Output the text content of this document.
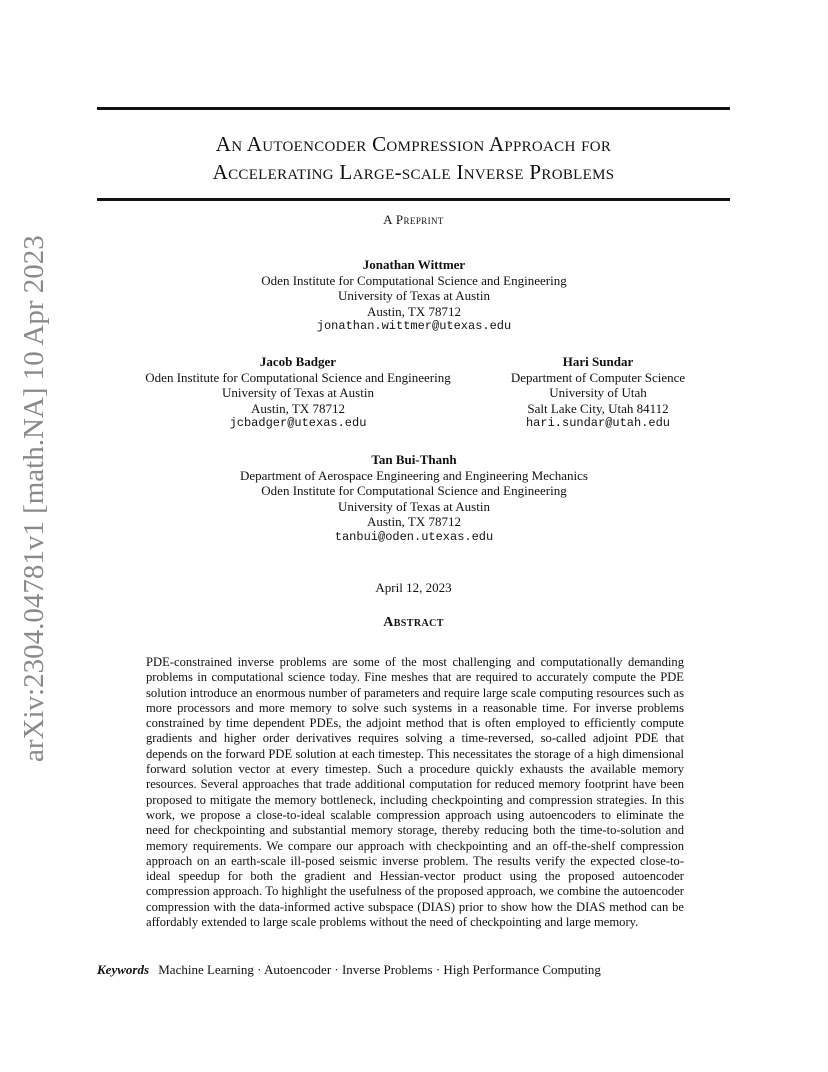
arXiv:2304.04781v1 [math.NA] 10 Apr 2023
An Autoencoder Compression Approach for
Accelerating Large-scale Inverse Problems
A Preprint
Jonathan Wittmer
Oden Institute for Computational Science and Engineering
University of Texas at Austin
Austin, TX 78712
jonathan.wittmer@utexas.edu
Jacob Badger
Oden Institute for Computational Science and Engineering
University of Texas at Austin
Austin, TX 78712
jcbadger@utexas.edu
Hari Sundar
Department of Computer Science
University of Utah
Salt Lake City, Utah 84112
hari.sundar@utah.edu
Tan Bui-Thanh
Department of Aerospace Engineering and Engineering Mechanics
Oden Institute for Computational Science and Engineering
University of Texas at Austin
Austin, TX 78712
tanbui@oden.utexas.edu
April 12, 2023
Abstract

PDE-constrained inverse problems are some of the most challenging and computationally demanding problems in computational science today. Fine meshes that are required to accurately compute the PDE solution introduce an enormous number of parameters and require large scale computing resources such as more processors and more memory to solve such systems in a reasonable time. For inverse problems constrained by time dependent PDEs, the adjoint method that is often employed to efficiently compute gradients and higher order derivatives requires solving a time-reversed, so-called adjoint PDE that depends on the forward PDE solution at each timestep. This necessitates the storage of a high dimensional forward solution vector at every timestep. Such a procedure quickly exhausts the available memory resources. Several approaches that trade additional computation for reduced memory footprint have been proposed to mitigate the memory bottleneck, including checkpointing and compression strategies. In this work, we propose a close-to-ideal scalable compression approach using autoencoders to eliminate the need for checkpointing and substantial memory storage, thereby reducing both the time-to-solution and memory requirements. We compare our approach with checkpointing and an off-the-shelf compression approach on an earth-scale ill-posed seismic inverse problem. The results verify the expected close-to-ideal speedup for both the gradient and Hessian-vector product using the proposed autoencoder compression approach. To highlight the usefulness of the proposed approach, we combine the autoencoder compression with the data-informed active subspace (DIAS) prior to show how the DIAS method can be affordably extended to large scale problems without the need of checkpointing and large memory.

Keywords Machine Learning · Autoencoder · Inverse Problems · High Performance Computing
